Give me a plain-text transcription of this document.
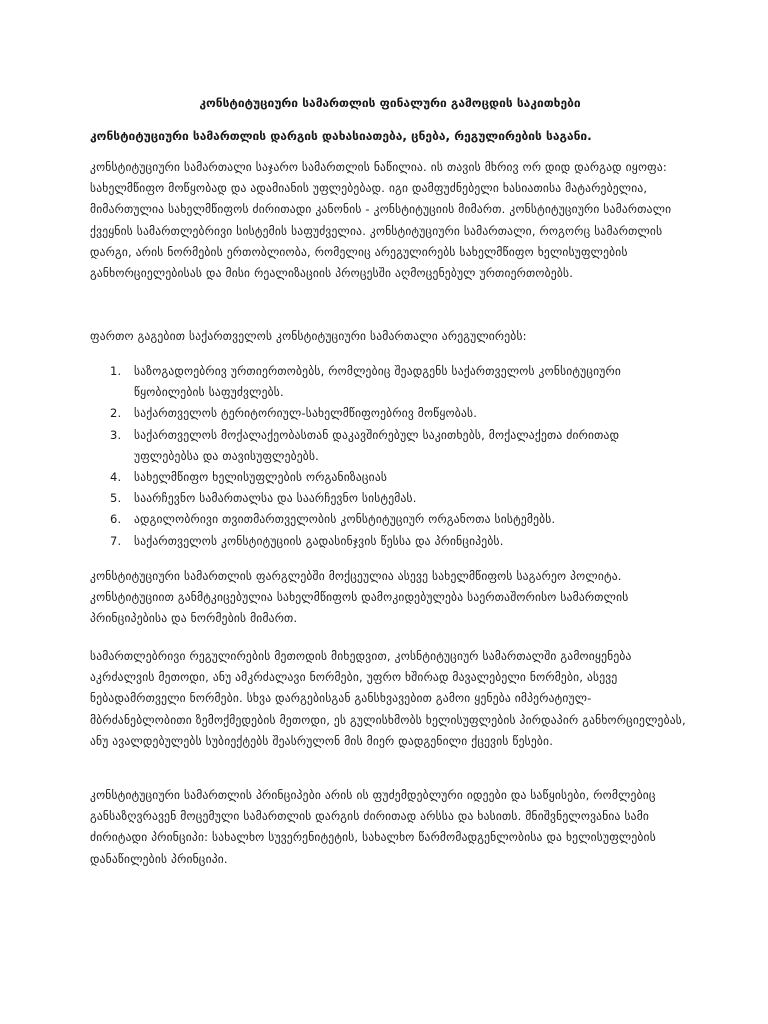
კონსტიტუციური სამართლის ფინალური გამოცდის საკითხები
კონსტიტუციური სამართლის დარგის დახასიათება, ცნება, რეგულირების საგანი.

კონსტიტუციური სამართალი საჯარო სამართლის ნაწილია. ის თავის მხრივ ორ დიდ დარგად იყოფა: სახელმწიფო მოწყობად და ადამიანის უფლებებად. იგი დამფუძნებელი ხასიათისა მატარებელია, მიმართულია სახელმწიფოს ძირითადი კანონის - კონსტიტუციის მიმართ. კონსტიტუციური სამართალი ქვეყნის სამართლებრივი სისტემის საფუძველია. კონსტიტუციური სამართალი, როგორც სამართლის დარგი, არის ნორმების ერთობლიობა, რომელიც არეგულირებს სახელმწიფო ხელისუფლების განხორციელებისას და მისი რეალიზაციის პროცესში აღმოცენებულ ურთიერთობებს.

ფართო გაგებით საქართველოს კონსტიტუციური სამართალი არეგულირებს:

1. საზოგადოებრივ ურთიერთობებს, რომლებიც შეადგენს საქართველოს კონსიტუციური წყობილების საფუძვლებს.
2. საქართველოს ტერიტორიულ-სახელმწიფოებრივ მოწყობას.
3. საქართველოს მოქალაქეობასთან დაკავშირებულ საკითხებს, მოქალაქეთა ძირითად უფლებებსა და თავისუფლებებს.
4. სახელმწიფო ხელისუფლების ორგანიზაციას
5. საარჩევნო სამართალსა და საარჩევნო სისტემას.
6. ადგილობრივი თვითმართველობის კონსტიტუციურ ორგანოთა სისტემებს.
7. საქართველოს კონსტიტუციის გადასინჯვის წესსა და პრინციპებს.

კონსტიტუციური სამართლის ფარგლებში მოქცეულია ასევე სახელმწიფოს საგარეო პოლიტა. კონსტიტუციით განმტკიცებულია სახელმწიფოს დამოკიდებულება საერთაშორისო სამართლის პრინციპებისა და ნორმების მიმართ.

სამართლებრივი რეგულირების მეთოდის მიხედვით, კოსნტიტუციურ სამართალში გამოიყენება აკრძალვის მეთოდი, ანუ ამკრძალავი ნორმები, უფრო ხშირად მავალებელი ნორმები, ასევე ნებადამრთველი ნორმები. სხვა დარგებისგან განსხვავებით გამოი ყენება იმპერატიულ-მბრძანებლობითი ზემოქმედების მეთოდი, ეს გულისხმობს ხელისუფლების პირდაპირ განხორციელებას, ანუ ავალდებულებს სუბიექტებს შეასრულონ მის მიერ დადგენილი ქცევის წესები.

კონსტიტუციური სამართლის პრინციპები არის ის ფუძემდებლური იდეები და საწყისები, რომლებიც განსაზღვრავენ მოცემული სამართლის დარგის ძირითად არსსა და ხასითს. მნიშვნელოვანია სამი ძირიტადი პრინციპი: სახალხო სუვერენიტეტის, სახალხო წარმომადგენლობისა და ხელისუფლების დანაწილების პრინციპი.
